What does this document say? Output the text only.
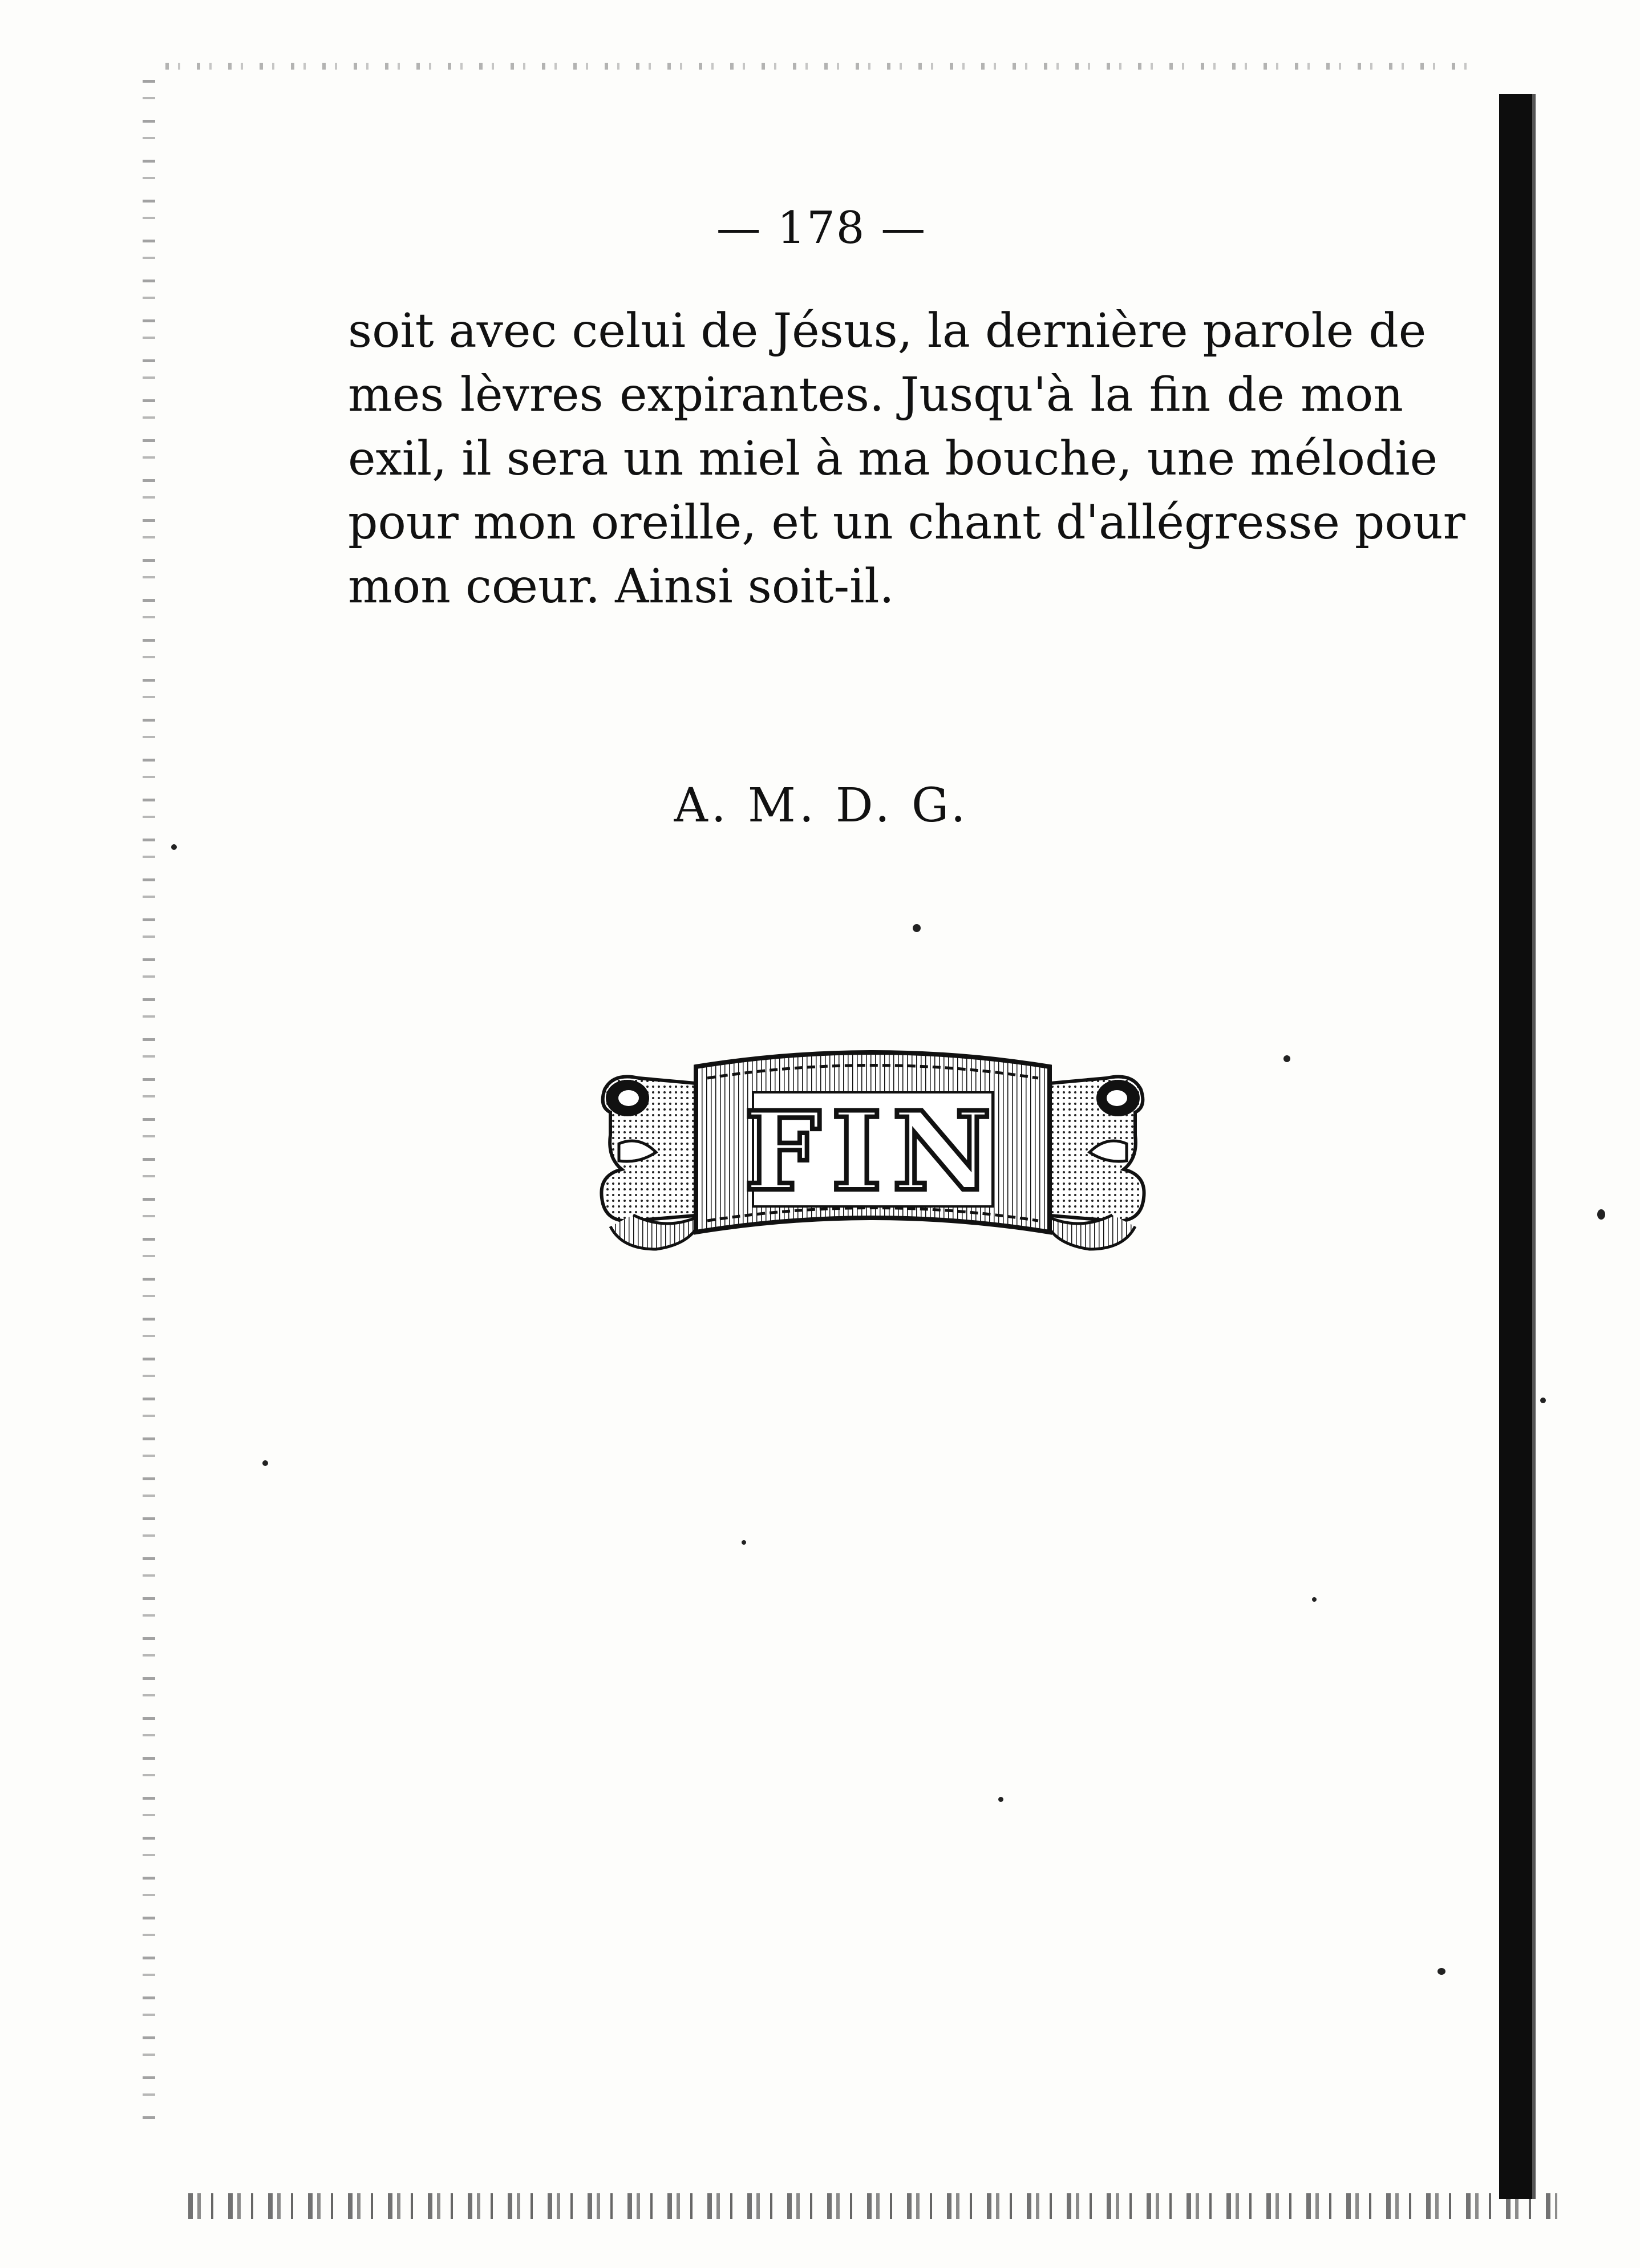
— 178 —
soit avec celui de Jésus, la dernière parole de
mes lèvres expirantes. Jusqu'à la fin de mon
exil, il sera un miel à ma bouche, une mélodie
pour mon oreille, et un chant d'allégresse pour
mon cœur. Ainsi soit-il.
A. M. D. G.
FIN
